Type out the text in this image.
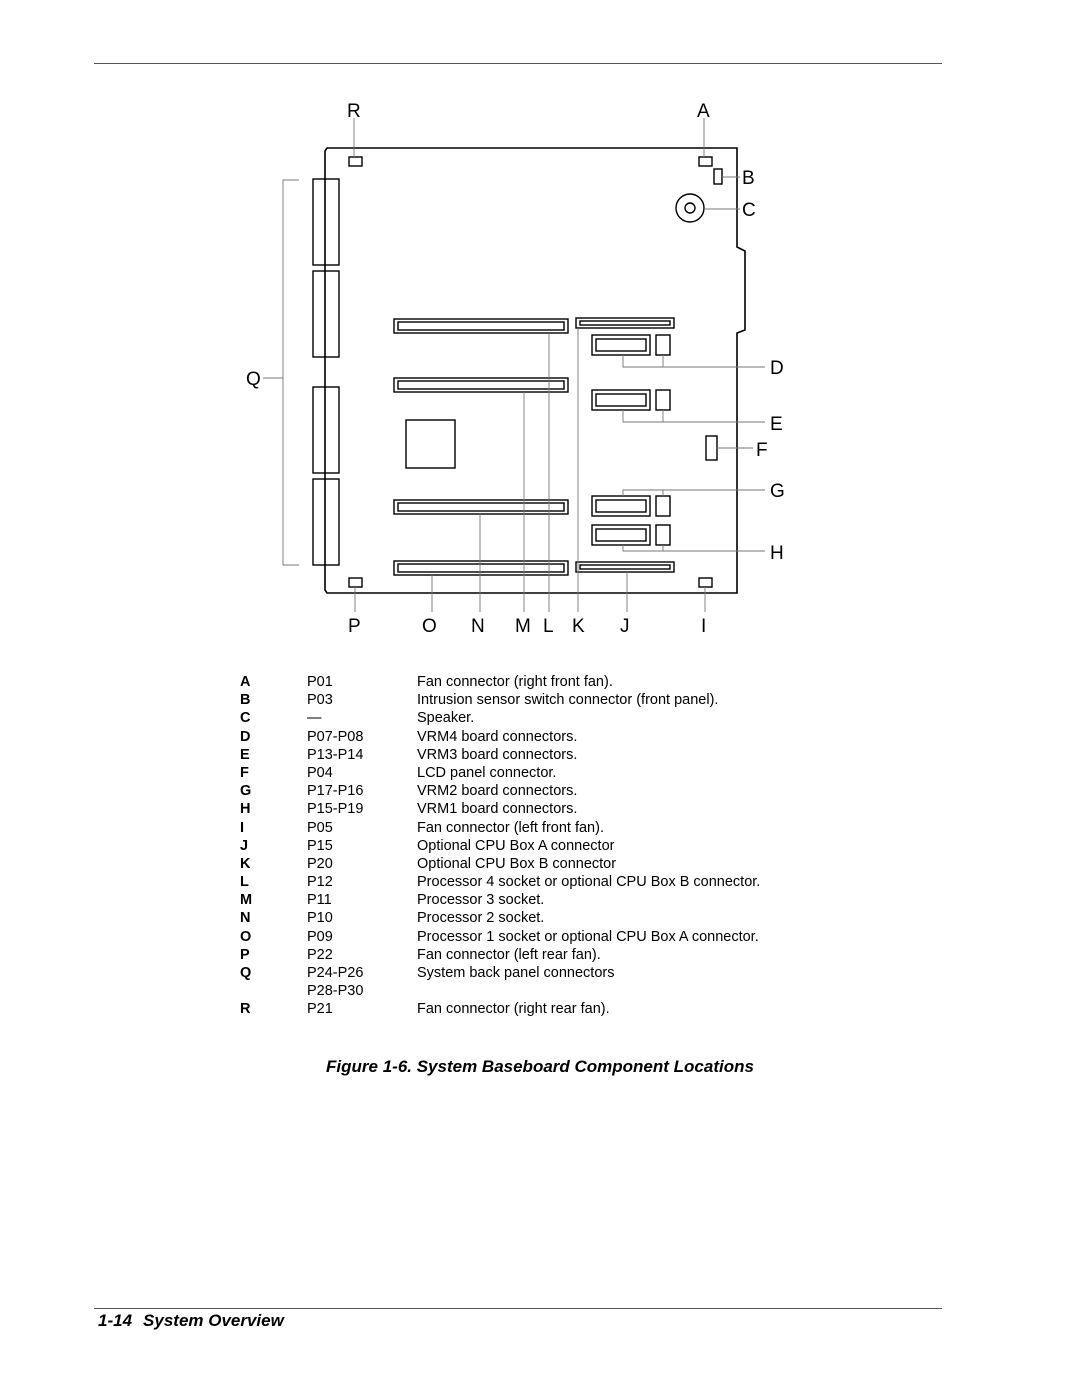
R	A
B
C
Q
D
E
F
G
H
P	O N M L K J	I
A	P01	Fan connector (right front fan).
B	P03	Intrusion sensor switch connector (front panel).
C	—	Speaker.
D	P07-P08	VRM4 board connectors.
E	P13-P14	VRM3 board connectors.
F	P04	LCD panel connector.
G	P17-P16	VRM2 board connectors.
H	P15-P19	VRM1 board connectors.
I	P05	Fan connector (left front fan).
J	P15	Optional CPU Box A connector
K	P20	Optional CPU Box B connector
L	P12	Processor 4 socket or optional CPU Box B connector.
M	P11	Processor 3 socket.
N	P10	Processor 2 socket.
O	P09	Processor 1 socket or optional CPU Box A connector.
P	P22	Fan connector (left rear fan).
Q	P24-P26	System back panel connectors
P28-P30
R	P21	Fan connector (right rear fan).
Figure 1-6. System Baseboard Component Locations
1-14 System Overview
